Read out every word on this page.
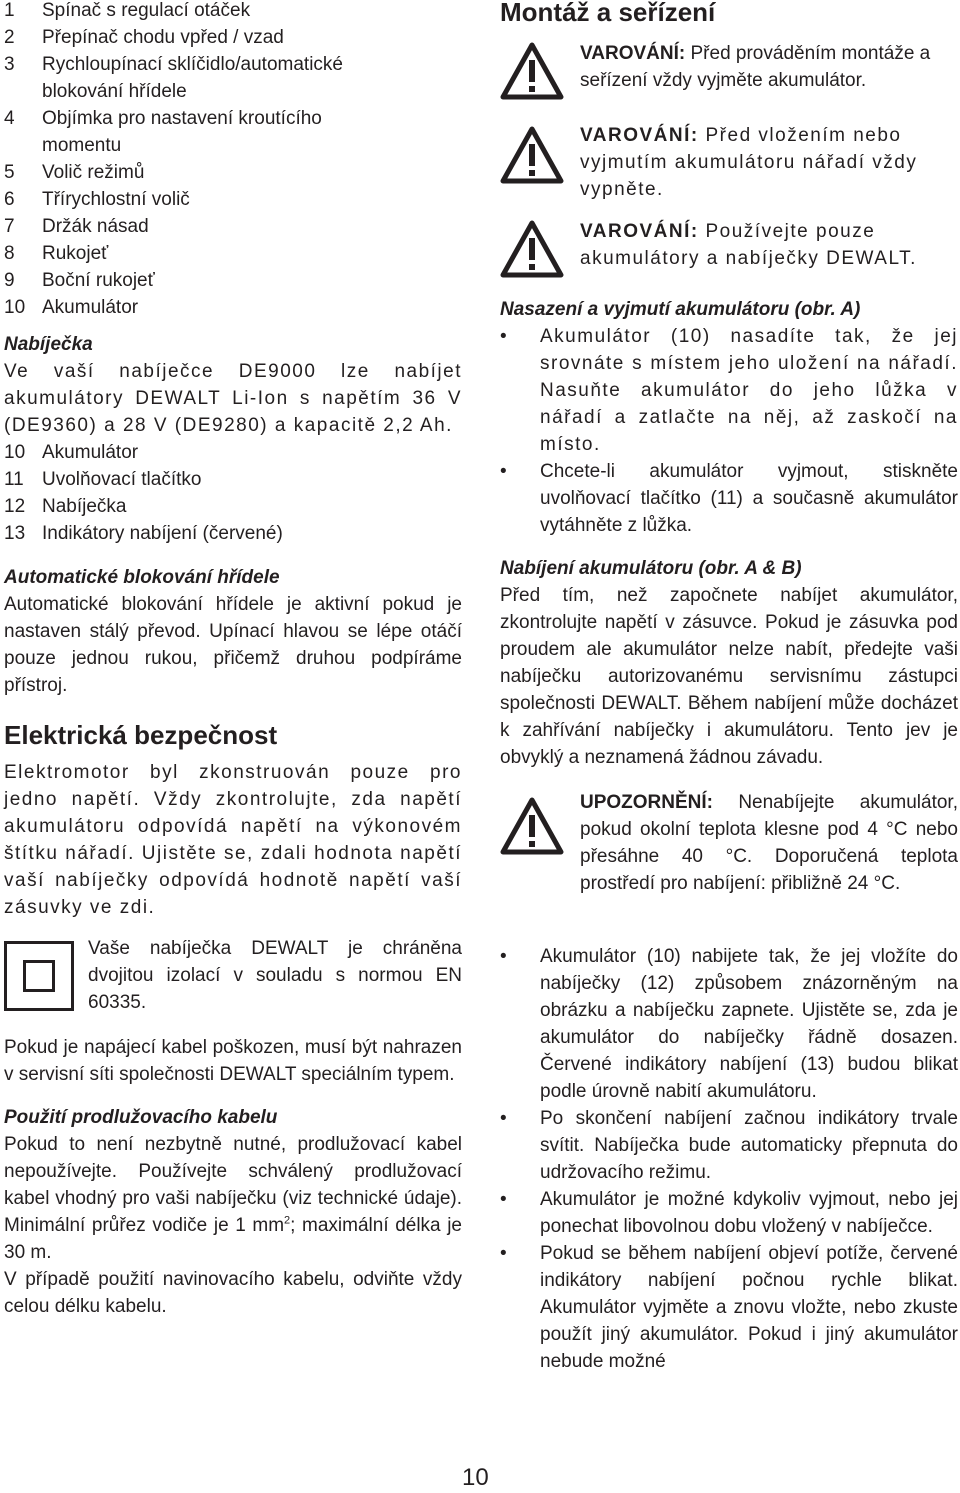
1	Spínač s regulací otáček
2	Přepínač chodu vpřed / vzad
3	Rychloupínací sklíčidlo/automatické blokování hřídele
4	Objímka pro nastavení kroutícího momentu
5	Volič režimů
6	Třírychlostní volič
7	Držák násad
8	Rukojeť
9	Boční rukojeť
10 Akumulátor
Nabíječka

Ve vaší nabíječce DE9000 lze nabíjet akumulátory DEWALT Li-Ion s napětím 36 V (DE9360) a 28 V (DE9280) a kapacitě 2,2 Ah.

10 Akumulátor
11 Uvolňovací tlačítko
12 Nabíječka
13 Indikátory nabíjení (červené)
Automatické blokování hřídele

Automatické blokování hřídele je aktivní pokud je nastaven stálý převod. Upínací hlavou se lépe otáčí pouze jednou rukou, přičemž druhou podpíráme přístroj.

Elektrická bezpečnost

Elektromotor byl zkonstruován pouze pro jedno napětí. Vždy zkontrolujte, zda napětí akumulátoru odpovídá napětí na výkonovém štítku nářadí. Ujistěte se, zdali hodnota napětí vaší nabíječky odpovídá hodnotě napětí vaší zásuvky ve zdi.

Vaše nabíječka DEWALT je chráněna dvojitou izolací v souladu s normou EN 60335.

Pokud je napájecí kabel poškozen, musí být nahrazen v servisní síti společnosti DEWALT speciálním typem.

Použití prodlužovacího kabelu

Pokud to není nezbytně nutné, prodlužovací kabel nepoužívejte. Používejte schválený prodlužovací kabel vhodný pro vaši nabíječku (viz technické údaje). Minimální průřez vodiče je 1 $mm^2$; maximální délka je 30 m.

V případě použití navinovacího kabelu, odviňte vždy celou délku kabelu.

Montáž a seřízení
VAROVÁNÍ: Před prováděním montáže a seřízení vždy vyjměte akumulátor.
VAROVÁNÍ: Před vložením nebo vyjmutím akumulátoru nářadí vždy vypněte.
VAROVÁNÍ: Používejte pouze akumulátory a nabíječky DEWALT.
Nasazení a vyjmutí akumulátoru (obr. A)
•	Akumulátor (10) nasadíte tak, že jej srovnáte s místem jeho uložení na nářadí. Nasuňte akumulátor do jeho lůžka v nářadí a zatlačte na něj, až zaskočí na místo.
•	Chcete-li akumulátor vyjmout, stiskněte uvolňovací tlačítko (11) a současně akumulátor vytáhněte z lůžka.
Nabíjení akumulátoru (obr. A & B)

Před tím, než započnete nabíjet akumulátor, zkontrolujte napětí v zásuvce. Pokud je zásuvka pod proudem ale akumulátor nelze nabít, předejte vaši nabíječku autorizovanému servisnímu zástupci společnosti DEWALT. Během nabíjení může docházet k zahřívání nabíječky i akumulátoru. Tento jev je obvyklý a neznamená žádnou závadu.

UPOZORNĚNÍ: Nenabíjejte akumulátor, pokud okolní teplota klesne pod 4 °C nebo přesáhne 40 °C. Doporučená teplota prostředí pro nabíjení: přibližně 24 °C.
•	Akumulátor (10) nabijete tak, že jej vložíte do nabíječky (12) způsobem znázorněným na obrázku a nabíječku zapnete. Ujistěte se, zda je akumulátor do nabíječky řádně dosazen. Červené indikátory nabíjení (13) budou blikat podle úrovně nabití akumulátoru.
•	Po skončení nabíjení začnou indikátory trvale svítit. Nabíječka bude automaticky přepnuta do udržovacího režimu.
•	Akumulátor je možné kdykoliv vyjmout, nebo jej ponechat libovolnou dobu vložený v nabíječce.
•	Pokud se během nabíjení objeví potíže, červené indikátory nabíjení počnou rychle blikat. Akumulátor vyjměte a znovu vložte, nebo zkuste použít jiný akumulátor. Pokud i jiný akumulátor nebude možné
10
